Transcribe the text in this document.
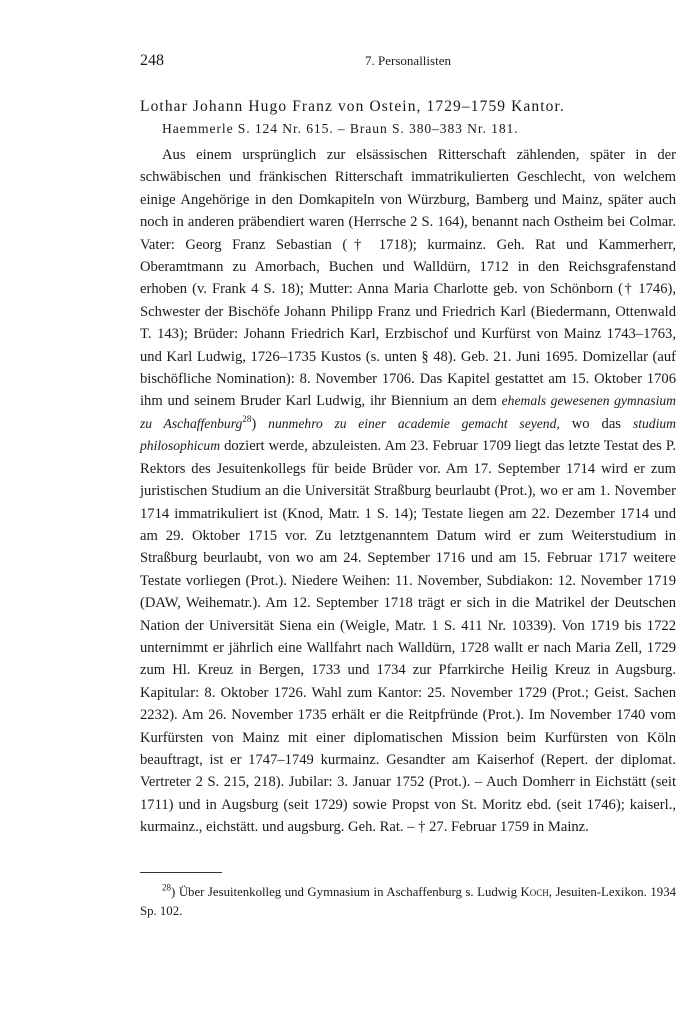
248	7. Personallisten
Lothar Johann Hugo Franz von Ostein, 1729–1759 Kantor.
Haemmerle S. 124 Nr. 615. – Braun S. 380–383 Nr. 181.

Aus einem ursprünglich zur elsässischen Ritterschaft zählenden, später in der schwäbischen und fränkischen Ritterschaft immatrikulierten Geschlecht, von welchem einige Angehörige in den Domkapiteln von Würzburg, Bamberg und Mainz, später auch noch in anderen präbendiert waren (Herrsche 2 S. 164), benannt nach Ostheim bei Colmar. Vater: Georg Franz Sebastian († 1718); kurmainz. Geh. Rat und Kammerherr, Oberamtmann zu Amorbach, Buchen und Walldürn, 1712 in den Reichsgrafenstand erhoben (v. Frank 4 S. 18); Mutter: Anna Maria Charlotte geb. von Schönborn († 1746), Schwester der Bischöfe Johann Philipp Franz und Friedrich Karl (Biedermann, Ottenwald T. 143); Brüder: Johann Friedrich Karl, Erzbischof und Kurfürst von Mainz 1743–1763, und Karl Ludwig, 1726–1735 Kustos (s. unten § 48). Geb. 21. Juni 1695. Domizellar (auf bischöfliche Nomination): 8. November 1706. Das Kapitel gestattet am 15. Oktober 1706 ihm und seinem Bruder Karl Ludwig, ihr Biennium an dem ehemals gewesenen gymnasium zu Aschaffenburg$^{28}$) nunmehro zu einer academie gemacht seyend, wo das studium philosophicum doziert werde, abzuleisten. Am 23. Februar 1709 liegt das letzte Testat des P. Rektors des Jesuitenkollegs für beide Brüder vor. Am 17. September 1714 wird er zum juristischen Studium an die Universität Straßburg beurlaubt (Prot.), wo er am 1. November 1714 immatrikuliert ist (Knod, Matr. 1 S. 14); Testate liegen am 22. Dezember 1714 und am 29. Oktober 1715 vor. Zu letztgenanntem Datum wird er zum Weiterstudium in Straßburg beurlaubt, von wo am 24. September 1716 und am 15. Februar 1717 weitere Testate vorliegen (Prot.). Niedere Weihen: 11. November, Subdiakon: 12. November 1719 (DAW, Weihematr.). Am 12. September 1718 trägt er sich in die Matrikel der Deutschen Nation der Universität Siena ein (Weigle, Matr. 1 S. 411 Nr. 10339). Von 1719 bis 1722 unternimmt er jährlich eine Wallfahrt nach Walldürn, 1728 wallt er nach Maria Zell, 1729 zum Hl. Kreuz in Bergen, 1733 und 1734 zur Pfarrkirche Heilig Kreuz in Augsburg. Kapitular: 8. Oktober 1726. Wahl zum Kantor: 25. November 1729 (Prot.; Geist. Sachen 2232). Am 26. November 1735 erhält er die Reitpfründe (Prot.). Im November 1740 vom Kurfürsten von Mainz mit einer diplomatischen Mission beim Kurfürsten von Köln beauftragt, ist er 1747–1749 kurmainz. Gesandter am Kaiserhof (Repert. der diplomat. Vertreter 2 S. 215, 218). Jubilar: 3. Januar 1752 (Prot.). – Auch Domherr in Eichstätt (seit 1711) und in Augsburg (seit 1729) sowie Propst von St. Moritz ebd. (seit 1746); kaiserl., kurmainz., eichstätt. und augsburg. Geh. Rat. – † 27. Februar 1759 in Mainz.

$^{28}$) Über Jesuitenkolleg und Gymnasium in Aschaffenburg s. Ludwig Koch, Jesuiten-Lexikon. 1934 Sp. 102.
